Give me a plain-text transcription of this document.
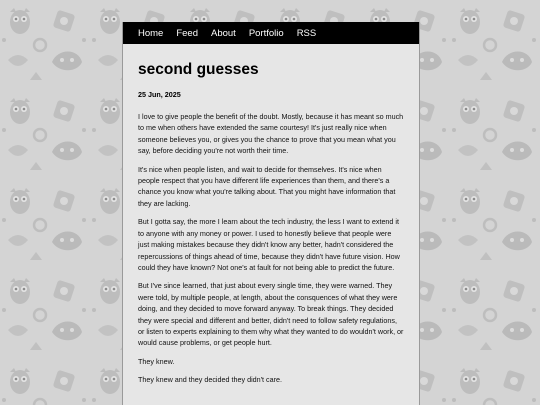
Home Feed About Portfolio RSS
second guesses

25 Jun, 2025

I love to give people the benefit of the doubt. Mostly, because it has meant so much to me when others have extended the same courtesy! It's just really nice when someone believes you, or gives you the chance to prove that you mean what you say, before deciding you're not worth their time.

It's nice when people listen, and wait to decide for themselves. It's nice when people respect that you have different life experiences than them, and there's a chance you know what you're talking about. That you might have information that they are lacking.

But I gotta say, the more I learn about the tech industry, the less I want to extend it to anyone with any money or power. I used to honestly believe that people were just making mistakes because they didn't know any better, hadn't considered the repercussions of things ahead of time, because they didn't have future vision. How could they have known? Not one's at fault for not being able to predict the future.

But I've since learned, that just about every single time, they were warned. They were told, by multiple people, at length, about the consquences of what they were doing, and they decided to move forward anyway. To break things. They decided they were special and different and better, didn't need to follow safety regulations, or listen to experts explaining to them why what they wanted to do wouldn't work, or would cause problems, or get people hurt.

They knew.

They knew and they decided they didn't care.
